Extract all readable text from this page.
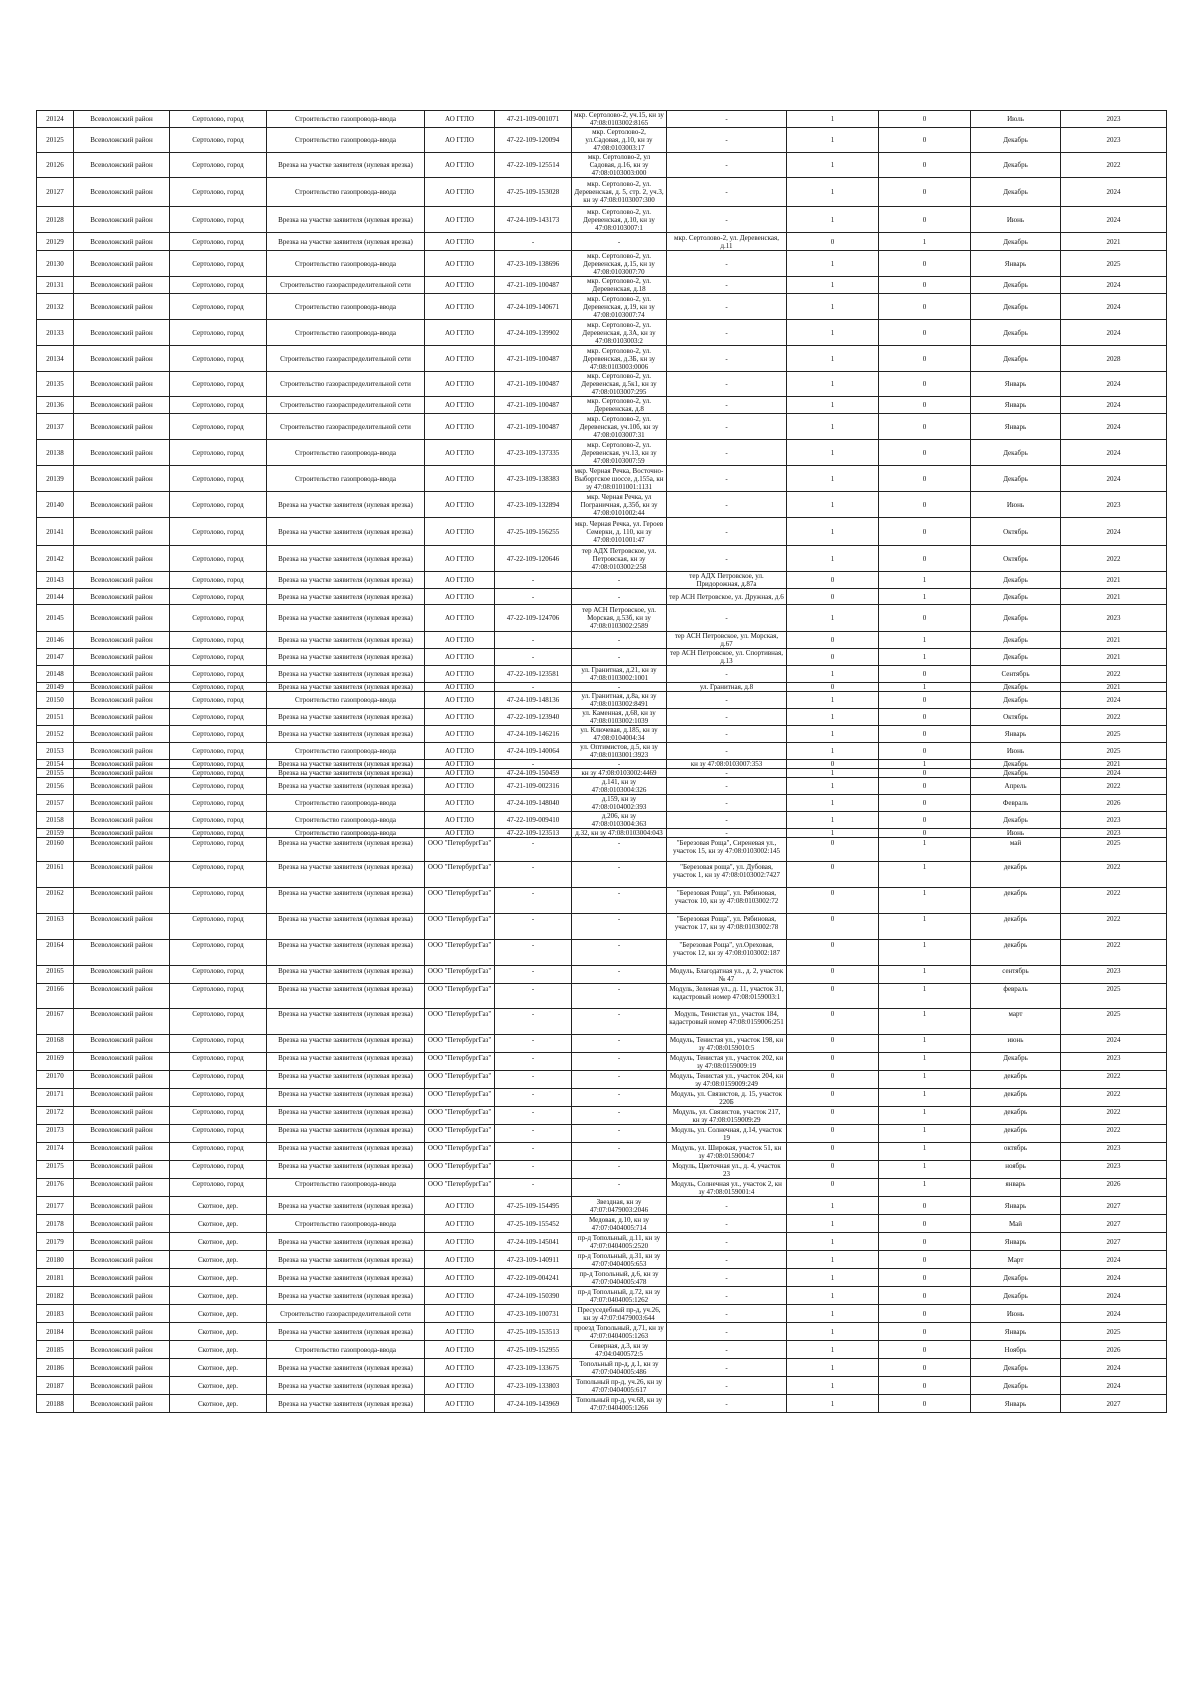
20124	Всеволожский район	Сертолово, город	Строительство газопровода-ввода	АО ГГЛО	47-21-109-001071	мкр. Сертолово-2, уч.15, кн зу 47:08:0103002:8165	-	1	0	Июль	2023
20125	Всеволожский район	Сертолово, город	Строительство газопровода-ввода	АО ГГЛО	47-22-109-120094	мкр. Сертолово-2, ул.Садовая, д.10, кн зу 47:08:0103003:17	-	1	0	Декабрь	2023
20126	Всеволожский район	Сертолово, город	Врезка на участке заявителя (нулевая врезка)	АО ГГЛО	47-22-109-125514	мкр. Сертолово-2, ул Садовая, д.16, кн зу 47:08:0103003:000	-	1	0	Декабрь	2022
20127	Всеволожский район	Сертолово, город	Строительство газопровода-ввода	АО ГГЛО	47-25-109-153028	мкр. Сертолово-2, ул. Деревенская, д. 5, стр. 2, уч.3, кн зу 47:08:0103007:300	-	1	0	Декабрь	2024
20128	Всеволожский район	Сертолово, город	Врезка на участке заявителя (нулевая врезка)	АО ГГЛО	47-24-109-143173	мкр. Сертолово-2, ул. Деревенская, д.10, кн зу 47:08:0103007:1	-	1	0	Июнь	2024
20129	Всеволожский район	Сертолово, город	Врезка на участке заявителя (нулевая врезка)	АО ГГЛО	-	-	мкр. Сертолово-2, ул. Деревенская, д.11	0	1	Декабрь	2021
20130	Всеволожский район	Сертолово, город	Строительство газопровода-ввода	АО ГГЛО	47-23-109-138696	мкр. Сертолово-2, ул. Деревенская, д.15, кн зу 47:08:0103007:70	-	1	0	Январь	2025
20131	Всеволожский район	Сертолово, город	Строительство газораспределительной сети	АО ГГЛО	47-21-109-100487	мкр. Сертолово-2, ул. Деревенская, д.18	-	1	0	Декабрь	2024
20132	Всеволожский район	Сертолово, город	Строительство газопровода-ввода	АО ГГЛО	47-24-109-140671	мкр. Сертолово-2, ул. Деревенская, д.19, кн зу 47:08:0103007:74	-	1	0	Декабрь	2024
20133	Всеволожский район	Сертолово, город	Строительство газопровода-ввода	АО ГГЛО	47-24-109-139902	мкр. Сертолово-2, ул. Деревенская, д.3А, кн зу 47:08:0103003:2	-	1	0	Декабрь	2024
20134	Всеволожский район	Сертолово, город	Строительство газораспределительной сети	АО ГГЛО	47-21-109-100487	мкр. Сертолово-2, ул. Деревенская, д.3Б, кн зу 47:08:0103003:0006	-	1	0	Декабрь	2028
20135	Всеволожский район	Сертолово, город	Строительство газораспределительной сети	АО ГГЛО	47-21-109-100487	мкр. Сертолово-2, ул. Деревенская, д.5к1, кн зу 47:08:0103007:295	-	1	0	Январь	2024
20136	Всеволожский район	Сертолово, город	Строительство газораспределительной сети	АО ГГЛО	47-21-109-100487	мкр. Сертолово-2, ул. Деревенская, д.8	-	1	0	Январь	2024
20137	Всеволожский район	Сертолово, город	Строительство газораспределительной сети	АО ГГЛО	47-21-109-100487	мкр. Сертолово-2, ул. Деревенская, уч.10б, кн зу 47:08:0103007:31	-	1	0	Январь	2024
20138	Всеволожский район	Сертолово, город	Строительство газопровода-ввода	АО ГГЛО	47-23-109-137335	мкр. Сертолово-2, ул. Деревенская, уч.13, кн зу 47:08:0103007:59	-	1	0	Декабрь	2024
20139	Всеволожский район	Сертолово, город	Строительство газопровода-ввода	АО ГГЛО	47-23-109-138383	мкр. Черная Речка, Восточно-Выборгское шоссе, д.155а, кн зу 47:08:0101001:1131	-	1	0	Декабрь	2024
20140	Всеволожский район	Сертолово, город	Врезка на участке заявителя (нулевая врезка)	АО ГГЛО	47-23-109-132894	мкр. Черная Речка, ул Пограничная, д.35б, кн зу 47:08:0101002:44	-	1	0	Июнь	2023
20141	Всеволожский район	Сертолово, город	Врезка на участке заявителя (нулевая врезка)	АО ГГЛО	47-25-109-156255	мкр. Черная Речка, ул. Героев Семерки, д. 110, кн зу 47:08:0101001:47	-	1	0	Октябрь	2024
20142	Всеволожский район	Сертолово, город	Врезка на участке заявителя (нулевая врезка)	АО ГГЛО	47-22-109-120646	тер АДХ Петровское, ул. Петровская, кн зу 47:08:0103002:258	-	1	0	Октябрь	2022
20143	Всеволожский район	Сертолово, город	Врезка на участке заявителя (нулевая врезка)	АО ГГЛО	-	-	тер АДХ Петровское, ул. Придорожная, д.87а	0	1	Декабрь	2021
20144	Всеволожский район	Сертолово, город	Врезка на участке заявителя (нулевая врезка)	АО ГГЛО	-	-	тер АСН Петровское, ул. Дружная, д.6	0	1	Декабрь	2021
20145	Всеволожский район	Сертолово, город	Врезка на участке заявителя (нулевая врезка)	АО ГГЛО	47-22-109-124706	тер АСН Петровское, ул. Морская, д.53б, кн зу 47:08:0103002:2589	-	1	0	Декабрь	2023
20146	Всеволожский район	Сертолово, город	Врезка на участке заявителя (нулевая врезка)	АО ГГЛО	-	-	тер АСН Петровское, ул. Морская, д.67	0	1	Декабрь	2021
20147	Всеволожский район	Сертолово, город	Врезка на участке заявителя (нулевая врезка)	АО ГГЛО	-	-	тер АСН Петровское, ул. Спортивная, д.13	0	1	Декабрь	2021
20148	Всеволожский район	Сертолово, город	Врезка на участке заявителя (нулевая врезка)	АО ГГЛО	47-22-109-123581	ул. Гранитная, д.21, кн зу 47:08:0103002:1001	-	1	0	Сентябрь	2022
20149	Всеволожский район	Сертолово, город	Врезка на участке заявителя (нулевая врезка)	АО ГГЛО	-	-	ул. Гранитная, д.8	0	1	Декабрь	2021
20150	Всеволожский район	Сертолово, город	Строительство газопровода-ввода	АО ГГЛО	47-24-109-148136	ул. Гранитная, д.8а, кн зу 47:08:0103002:8491	-	1	0	Декабрь	2024
20151	Всеволожский район	Сертолово, город	Врезка на участке заявителя (нулевая врезка)	АО ГГЛО	47-22-109-123940	ул. Каменная, д.68, кн зу 47:08:0103002:1039	-	1	0	Октябрь	2022
20152	Всеволожский район	Сертолово, город	Врезка на участке заявителя (нулевая врезка)	АО ГГЛО	47-24-109-146216	ул. Ключевая, д.185, кн зу 47:08:0104004:34	-	1	0	Январь	2025
20153	Всеволожский район	Сертолово, город	Строительство газопровода-ввода	АО ГГЛО	47-24-109-140064	ул. Оптимистов, д.5, кн зу 47:08:0103001:3923	-	1	0	Июнь	2025
20154	Всеволожский район	Сертолово, город	Врезка на участке заявителя (нулевая врезка)	АО ГГЛО	-	-	кн зу 47:08:0103007:353	0	1	Декабрь	2021
20155	Всеволожский район	Сертолово, город	Врезка на участке заявителя (нулевая врезка)	АО ГГЛО	47-24-109-150459	кн зу 47:08:0103002:4469	-	1	0	Декабрь	2024
20156	Всеволожский район	Сертолово, город	Врезка на участке заявителя (нулевая врезка)	АО ГГЛО	47-21-109-002316	д.141, кн зу 47:08:0103004:326	-	1	0	Апрель	2022
20157	Всеволожский район	Сертолово, город	Строительство газопровода-ввода	АО ГГЛО	47-24-109-148040	д.159, кн зу 47:08:0104002:393	-	1	0	Февраль	2026
20158	Всеволожский район	Сертолово, город	Строительство газопровода-ввода	АО ГГЛО	47-22-109-009410	д.206, кн зу 47:08:0103004:363	-	1	0	Декабрь	2023
20159	Всеволожский район	Сертолово, город	Строительство газопровода-ввода	АО ГГЛО	47-22-109-123513	д.32, кн зу 47:08:0103004:043	-	1	0	Июнь	2023
20160	Всеволожский район	Сертолово, город	Врезка на участке заявителя (нулевая врезка)	ООО "ПетербургГаз"	-	-	"Березовая Роща", Сиреневая ул., участок 15, кн зу 47:08:0103002:145	0	1	май	2025
20161	Всеволожский район	Сертолово, город	Врезка на участке заявителя (нулевая врезка)	ООО "ПетербургГаз"	-	-	"Березовая роща", ул. Дубовая, участок 1, кн зу 47:08:0103002:7427	0	1	декабрь	2022
20162	Всеволожский район	Сертолово, город	Врезка на участке заявителя (нулевая врезка)	ООО "ПетербургГаз"	-	-	"Березовая Роща", ул. Рябиновая, участок 10, кн зу 47:08:0103002:72	0	1	декабрь	2022
20163	Всеволожский район	Сертолово, город	Врезка на участке заявителя (нулевая врезка)	ООО "ПетербургГаз"	-	-	"Березовая Роща", ул. Рябиновая, участок 17, кн зу 47:08:0103002:78	0	1	декабрь	2022
20164	Всеволожский район	Сертолово, город	Врезка на участке заявителя (нулевая врезка)	ООО "ПетербургГаз"	-	-	"Березовая Роща", ул.Ореховая, участок 12, кн зу 47:08:0103002:187	0	1	декабрь	2022
20165	Всеволожский район	Сертолово, город	Врезка на участке заявителя (нулевая врезка)	ООО "ПетербургГаз"	-	-	Модуль, Благодатная ул., д. 2, участок № 47	0	1	сентябрь	2023
20166	Всеволожский район	Сертолово, город	Врезка на участке заявителя (нулевая врезка)	ООО "ПетербургГаз"	-	-	Модуль, Зеленая ул., д. 11, участок 31, кадастровый номер 47:08:0159003:1	0	1	февраль	2025
20167	Всеволожский район	Сертолово, город	Врезка на участке заявителя (нулевая врезка)	ООО "ПетербургГаз"	-	-	Модуль, Тенистая ул., участок 184, кадастровый номер 47:08:0159006:251	0	1	март	2025
20168	Всеволожский район	Сертолово, город	Врезка на участке заявителя (нулевая врезка)	ООО "ПетербургГаз"	-	-	Модуль, Тенистая ул., участок 198, кн зу 47:08:0159010:5	0	1	июнь	2024
20169	Всеволожский район	Сертолово, город	Врезка на участке заявителя (нулевая врезка)	ООО "ПетербургГаз"	-	-	Модуль, Тенистая ул., участок 202, кн зу 47:08:0159009:19	0	1	Декабрь	2023
20170	Всеволожский район	Сертолово, город	Врезка на участке заявителя (нулевая врезка)	ООО "ПетербургГаз"	-	-	Модуль, Тенистая ул., участок 204, кн зу 47:08:0159009:249	0	1	декабрь	2022
20171	Всеволожский район	Сертолово, город	Врезка на участке заявителя (нулевая врезка)	ООО "ПетербургГаз"	-	-	Модуль, ул. Связистов, д. 15, участок 220Б	0	1	декабрь	2022
20172	Всеволожский район	Сертолово, город	Врезка на участке заявителя (нулевая врезка)	ООО "ПетербургГаз"	-	-	Модуль, ул. Связистов, участок 217, кн зу 47:08:0159009:29	0	1	декабрь	2022
20173	Всеволожский район	Сертолово, город	Врезка на участке заявителя (нулевая врезка)	ООО "ПетербургГаз"	-	-	Модуль, ул. Солнечная, д.14, участок 19	0	1	декабрь	2022
20174	Всеволожский район	Сертолово, город	Врезка на участке заявителя (нулевая врезка)	ООО "ПетербургГаз"	-	-	Модуль, ул. Широкая, участок 51, кн зу 47:08:0159004:7	0	1	октябрь	2023
20175	Всеволожский район	Сертолово, город	Врезка на участке заявителя (нулевая врезка)	ООО "ПетербургГаз"	-	-	Модуль, Цветочная ул., д. 4, участок 23	0	1	ноябрь	2023
20176	Всеволожский район	Сертолово, город	Строительство газопровода-ввода	ООО "ПетербургГаз"	-	-	Модуль, Солнечная ул., участок 2, кн зу 47:08:0159001:4	0	1	январь	2026
20177	Всеволожский район	Скотное, дер.	Врезка на участке заявителя (нулевая врезка)	АО ГГЛО	47-25-109-154495	Звездная, кн зу 47:07:0479003:2046	-	1	0	Январь	2027
20178	Всеволожский район	Скотное, дер.	Строительство газопровода-ввода	АО ГГЛО	47-25-109-155452	Медовая, д.10, кн зу 47:07:0404005:714	-	1	0	Май	2027
20179	Всеволожский район	Скотное, дер.	Врезка на участке заявителя (нулевая врезка)	АО ГГЛО	47-24-109-145041	пр-д Топольный, д.11, кн зу 47:07:0404005:2520	-	1	0	Январь	2027
20180	Всеволожский район	Скотное, дер.	Врезка на участке заявителя (нулевая врезка)	АО ГГЛО	47-23-109-140911	пр-д Топольный, д.31, кн зу 47:07:0404005:653	-	1	0	Март	2024
20181	Всеволожский район	Скотное, дер.	Врезка на участке заявителя (нулевая врезка)	АО ГГЛО	47-22-109-004241	пр-д Топольный, д.6, кн зу 47:07:0404005:478	-	1	0	Декабрь	2024
20182	Всеволожский район	Скотное, дер.	Врезка на участке заявителя (нулевая врезка)	АО ГГЛО	47-24-109-150390	пр-д Топольный, д.72, кн зу 47:07:0404005:1262	-	1	0	Декабрь	2024
20183	Всеволожский район	Скотное, дер.	Строительство газораспределительной сети	АО ГГЛО	47-23-109-100731	Пресуседебный пр-д, уч.26, кн зу 47:07:0479003:644	-	1	0	Июнь	2024
20184	Всеволожский район	Скотное, дер.	Врезка на участке заявителя (нулевая врезка)	АО ГГЛО	47-25-109-153513	проезд Топольный, д.71, кн зу 47:07:0404005:1263	-	1	0	Январь	2025
20185	Всеволожский район	Скотное, дер.	Строительство газопровода-ввода	АО ГГЛО	47-25-109-152955	Северная, д.3, кн зу 47:04:0400572:5	-	1	0	Ноябрь	2026
20186	Всеволожский район	Скотное, дер.	Врезка на участке заявителя (нулевая врезка)	АО ГГЛО	47-23-109-133675	Топольный пр-д, д.1, кн зу 47:07:0404005:486	-	1	0	Декабрь	2024
20187	Всеволожский район	Скотное, дер.	Врезка на участке заявителя (нулевая врезка)	АО ГГЛО	47-23-109-133803	Топольный пр-д, уч.26, кн зу 47:07:0404005:617	-	1	0	Декабрь	2024
20188	Всеволожский район	Скотное, дер.	Врезка на участке заявителя (нулевая врезка)	АО ГГЛО	47-24-109-143969	Топольный пр-д, уч.68, кн зу 47:07:0404005:1266	-	1	0	Январь	2027
